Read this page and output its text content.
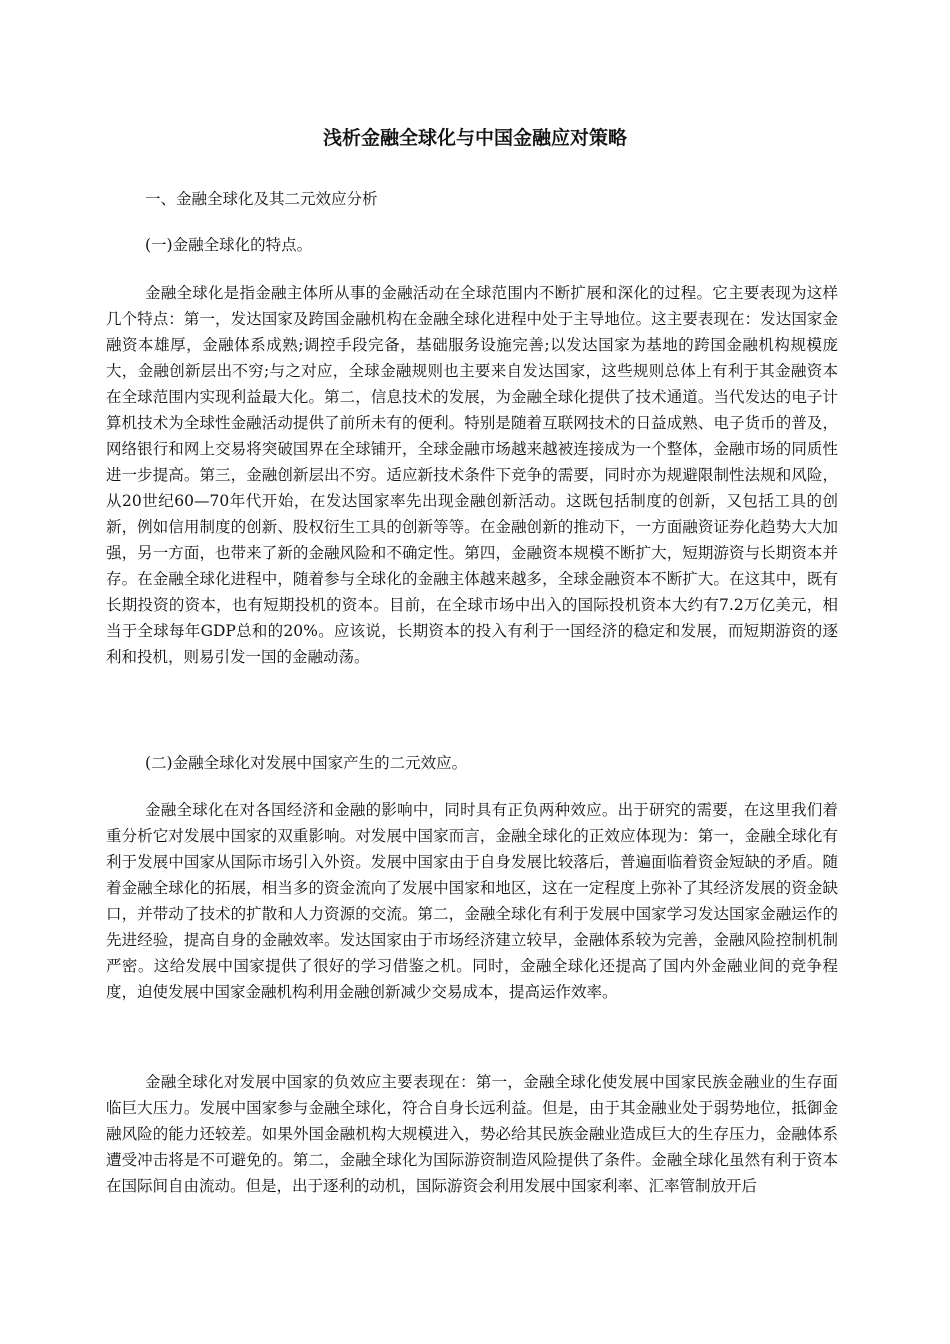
浅析金融全球化与中国金融应对策略

一、金融全球化及其二元效应分析

(一)金融全球化的特点。

金融全球化是指金融主体所从事的金融活动在全球范围内不断扩展和深化的过程。它主要表现为这样几个特点：第一，发达国家及跨国金融机构在金融全球化进程中处于主导地位。这主要表现在：发达国家金融资本雄厚，金融体系成熟;调控手段完备，基础服务设施完善;以发达国家为基地的跨国金融机构规模庞大，金融创新层出不穷;与之对应，全球金融规则也主要来自发达国家，这些规则总体上有利于其金融资本在全球范围内实现利益最大化。第二，信息技术的发展，为金融全球化提供了技术通道。当代发达的电子计算机技术为全球性金融活动提供了前所未有的便利。特别是随着互联网技术的日益成熟、电子货币的普及，网络银行和网上交易将突破国界在全球铺开，全球金融市场越来越被连接成为一个整体，金融市场的同质性进一步提高。第三，金融创新层出不穷。适应新技术条件下竞争的需要，同时亦为规避限制性法规和风险，从20世纪60—70年代开始，在发达国家率先出现金融创新活动。这既包括制度的创新，又包括工具的创新，例如信用制度的创新、股权衍生工具的创新等等。在金融创新的推动下，一方面融资证券化趋势大大加强，另一方面，也带来了新的金融风险和不确定性。第四，金融资本规模不断扩大，短期游资与长期资本并存。在金融全球化进程中，随着参与全球化的金融主体越来越多，全球金融资本不断扩大。在这其中，既有长期投资的资本，也有短期投机的资本。目前，在全球市场中出入的国际投机资本大约有7.2万亿美元，相当于全球每年GDP总和的20%。应该说，长期资本的投入有利于一国经济的稳定和发展，而短期游资的逐利和投机，则易引发一国的金融动荡。

(二)金融全球化对发展中国家产生的二元效应。

金融全球化在对各国经济和金融的影响中，同时具有正负两种效应。出于研究的需要，在这里我们着重分析它对发展中国家的双重影响。对发展中国家而言，金融全球化的正效应体现为：第一，金融全球化有利于发展中国家从国际市场引入外资。发展中国家由于自身发展比较落后，普遍面临着资金短缺的矛盾。随着金融全球化的拓展，相当多的资金流向了发展中国家和地区，这在一定程度上弥补了其经济发展的资金缺口，并带动了技术的扩散和人力资源的交流。第二，金融全球化有利于发展中国家学习发达国家金融运作的先进经验，提高自身的金融效率。发达国家由于市场经济建立较早，金融体系较为完善，金融风险控制机制严密。这给发展中国家提供了很好的学习借鉴之机。同时，金融全球化还提高了国内外金融业间的竞争程度，迫使发展中国家金融机构利用金融创新减少交易成本，提高运作效率。

金融全球化对发展中国家的负效应主要表现在：第一，金融全球化使发展中国家民族金融业的生存面临巨大压力。发展中国家参与金融全球化，符合自身长远利益。但是，由于其金融业处于弱势地位，抵御金融风险的能力还较差。如果外国金融机构大规模进入，势必给其民族金融业造成巨大的生存压力，金融体系遭受冲击将是不可避免的。第二，金融全球化为国际游资制造风险提供了条件。金融全球化虽然有利于资本在国际间自由流动。但是，出于逐利的动机，国际游资会利用发展中国家利率、汇率管制放开后
